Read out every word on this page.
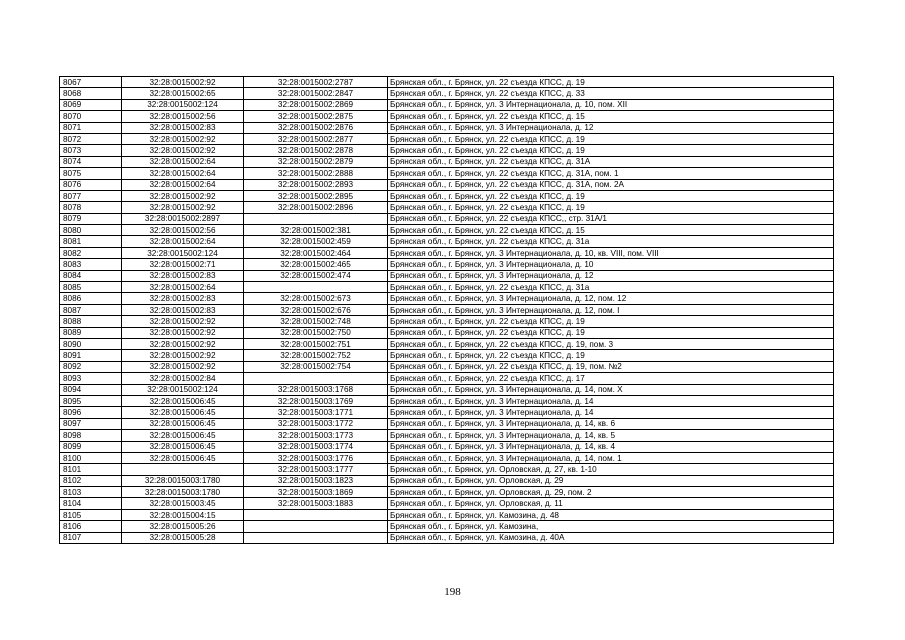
8067	32:28:0015002:92	32:28:0015002:2787	Брянская обл., г. Брянск, ул. 22 съезда КПСС, д. 19
8068	32:28:0015002:65	32:28:0015002:2847	Брянская обл., г. Брянск, ул. 22 съезда КПСС, д. 33
8069	32:28:0015002:124	32:28:0015002:2869	Брянская обл., г. Брянск, ул. 3 Интернационала, д. 10, пом. XII
8070	32:28:0015002:56	32:28:0015002:2875	Брянская обл., г. Брянск, ул. 22 съезда КПСС, д. 15
8071	32:28:0015002:83	32:28:0015002:2876	Брянская обл., г. Брянск, ул. 3 Интернационала, д. 12
8072	32:28:0015002:92	32:28:0015002:2877	Брянская обл., г. Брянск, ул. 22 съезда КПСС, д. 19
8073	32:28:0015002:92	32:28:0015002:2878	Брянская обл., г. Брянск, ул. 22 съезда КПСС, д. 19
8074	32:28:0015002:64	32:28:0015002:2879	Брянская обл., г. Брянск, ул. 22 съезда КПСС, д. 31А
8075	32:28:0015002:64	32:28:0015002:2888	Брянская обл., г. Брянск, ул. 22 съезда КПСС, д. 31А, пом. 1
8076	32:28:0015002:64	32:28:0015002:2893	Брянская обл., г. Брянск, ул. 22 съезда КПСС, д. 31А, пом. 2А
8077	32:28:0015002:92	32:28:0015002:2895	Брянская обл., г. Брянск, ул. 22 съезда КПСС, д. 19
8078	32:28:0015002:92	32:28:0015002:2896	Брянская обл., г. Брянск, ул. 22 съезда КПСС, д. 19
8079	32:28:0015002:2897		Брянская обл., г. Брянск, ул. 22 съезда КПСС,, стр. 31А/1
8080	32:28:0015002:56	32:28:0015002:381	Брянская обл., г. Брянск, ул. 22 съезда КПСС, д. 15
8081	32:28:0015002:64	32:28:0015002:459	Брянская обл., г. Брянск, ул. 22 съезда КПСС, д. 31а
8082	32:28:0015002:124	32:28:0015002:464	Брянская обл., г. Брянск, ул. 3 Интернационала, д. 10, кв. VIII, пом. VIII
8083	32:28:0015002:71	32:28:0015002:465	Брянская обл., г. Брянск, ул. 3 Интернационала, д. 10
8084	32:28:0015002:83	32:28:0015002:474	Брянская обл., г. Брянск, ул. 3 Интернационала, д. 12
8085	32:28:0015002:64		Брянская обл., г. Брянск, ул. 22 съезда КПСС, д. 31а
8086	32:28:0015002:83	32:28:0015002:673	Брянская обл., г. Брянск, ул. 3 Интернационала, д. 12, пом. 12
8087	32:28:0015002:83	32:28:0015002:676	Брянская обл., г. Брянск, ул. 3 Интернационала, д. 12, пом. I
8088	32:28:0015002:92	32:28:0015002:748	Брянская обл., г. Брянск, ул. 22 съезда КПСС, д. 19
8089	32:28:0015002:92	32:28:0015002:750	Брянская обл., г. Брянск, ул. 22 съезда КПСС, д. 19
8090	32:28:0015002:92	32:28:0015002:751	Брянская обл., г. Брянск, ул. 22 съезда КПСС, д. 19, пом. 3
8091	32:28:0015002:92	32:28:0015002:752	Брянская обл., г. Брянск, ул. 22 съезда КПСС, д. 19
8092	32:28:0015002:92	32:28:0015002:754	Брянская обл., г. Брянск, ул. 22 съезда КПСС, д. 19, пом. №2
8093	32:28:0015002:84		Брянская обл., г. Брянск, ул. 22 съезда КПСС, д. 17
8094	32:28:0015002:124	32:28:0015003:1768	Брянская обл., г. Брянск, ул. 3 Интернационала, д. 14, пом. X
8095	32:28:0015006:45	32:28:0015003:1769	Брянская обл., г. Брянск, ул. 3 Интернационала, д. 14
8096	32:28:0015006:45	32:28:0015003:1771	Брянская обл., г. Брянск, ул. 3 Интернационала, д. 14
8097	32:28:0015006:45	32:28:0015003:1772	Брянская обл., г. Брянск, ул. 3 Интернационала, д. 14, кв. 6
8098	32:28:0015006:45	32:28:0015003:1773	Брянская обл., г. Брянск, ул. 3 Интернационала, д. 14, кв. 5
8099	32:28:0015006:45	32:28:0015003:1774	Брянская обл., г. Брянск, ул. 3 Интернационала, д. 14, кв. 4
8100	32:28:0015006:45	32:28:0015003:1776	Брянская обл., г. Брянск, ул. 3 Интернационала, д. 14, пом. 1
8101		32:28:0015003:1777	Брянская обл., г. Брянск, ул. Орловская, д. 27, кв. 1-10
8102	32:28:0015003:1780	32:28:0015003:1823	Брянская обл., г. Брянск, ул. Орловская, д. 29
8103	32:28:0015003:1780	32:28:0015003:1869	Брянская обл., г. Брянск, ул. Орловская, д. 29, пом. 2
8104	32:28:0015003:45	32:28:0015003:1883	Брянская обл., г. Брянск, ул. Орловская, д. 11
8105	32:28:0015004:15		Брянская обл., г. Брянск, ул. Камозина, д. 48
8106	32:28:0015005:26		Брянская обл., г. Брянск, ул. Камозина,
8107	32:28:0015005:28		Брянская обл., г. Брянск, ул. Камозина, д. 40А
198
